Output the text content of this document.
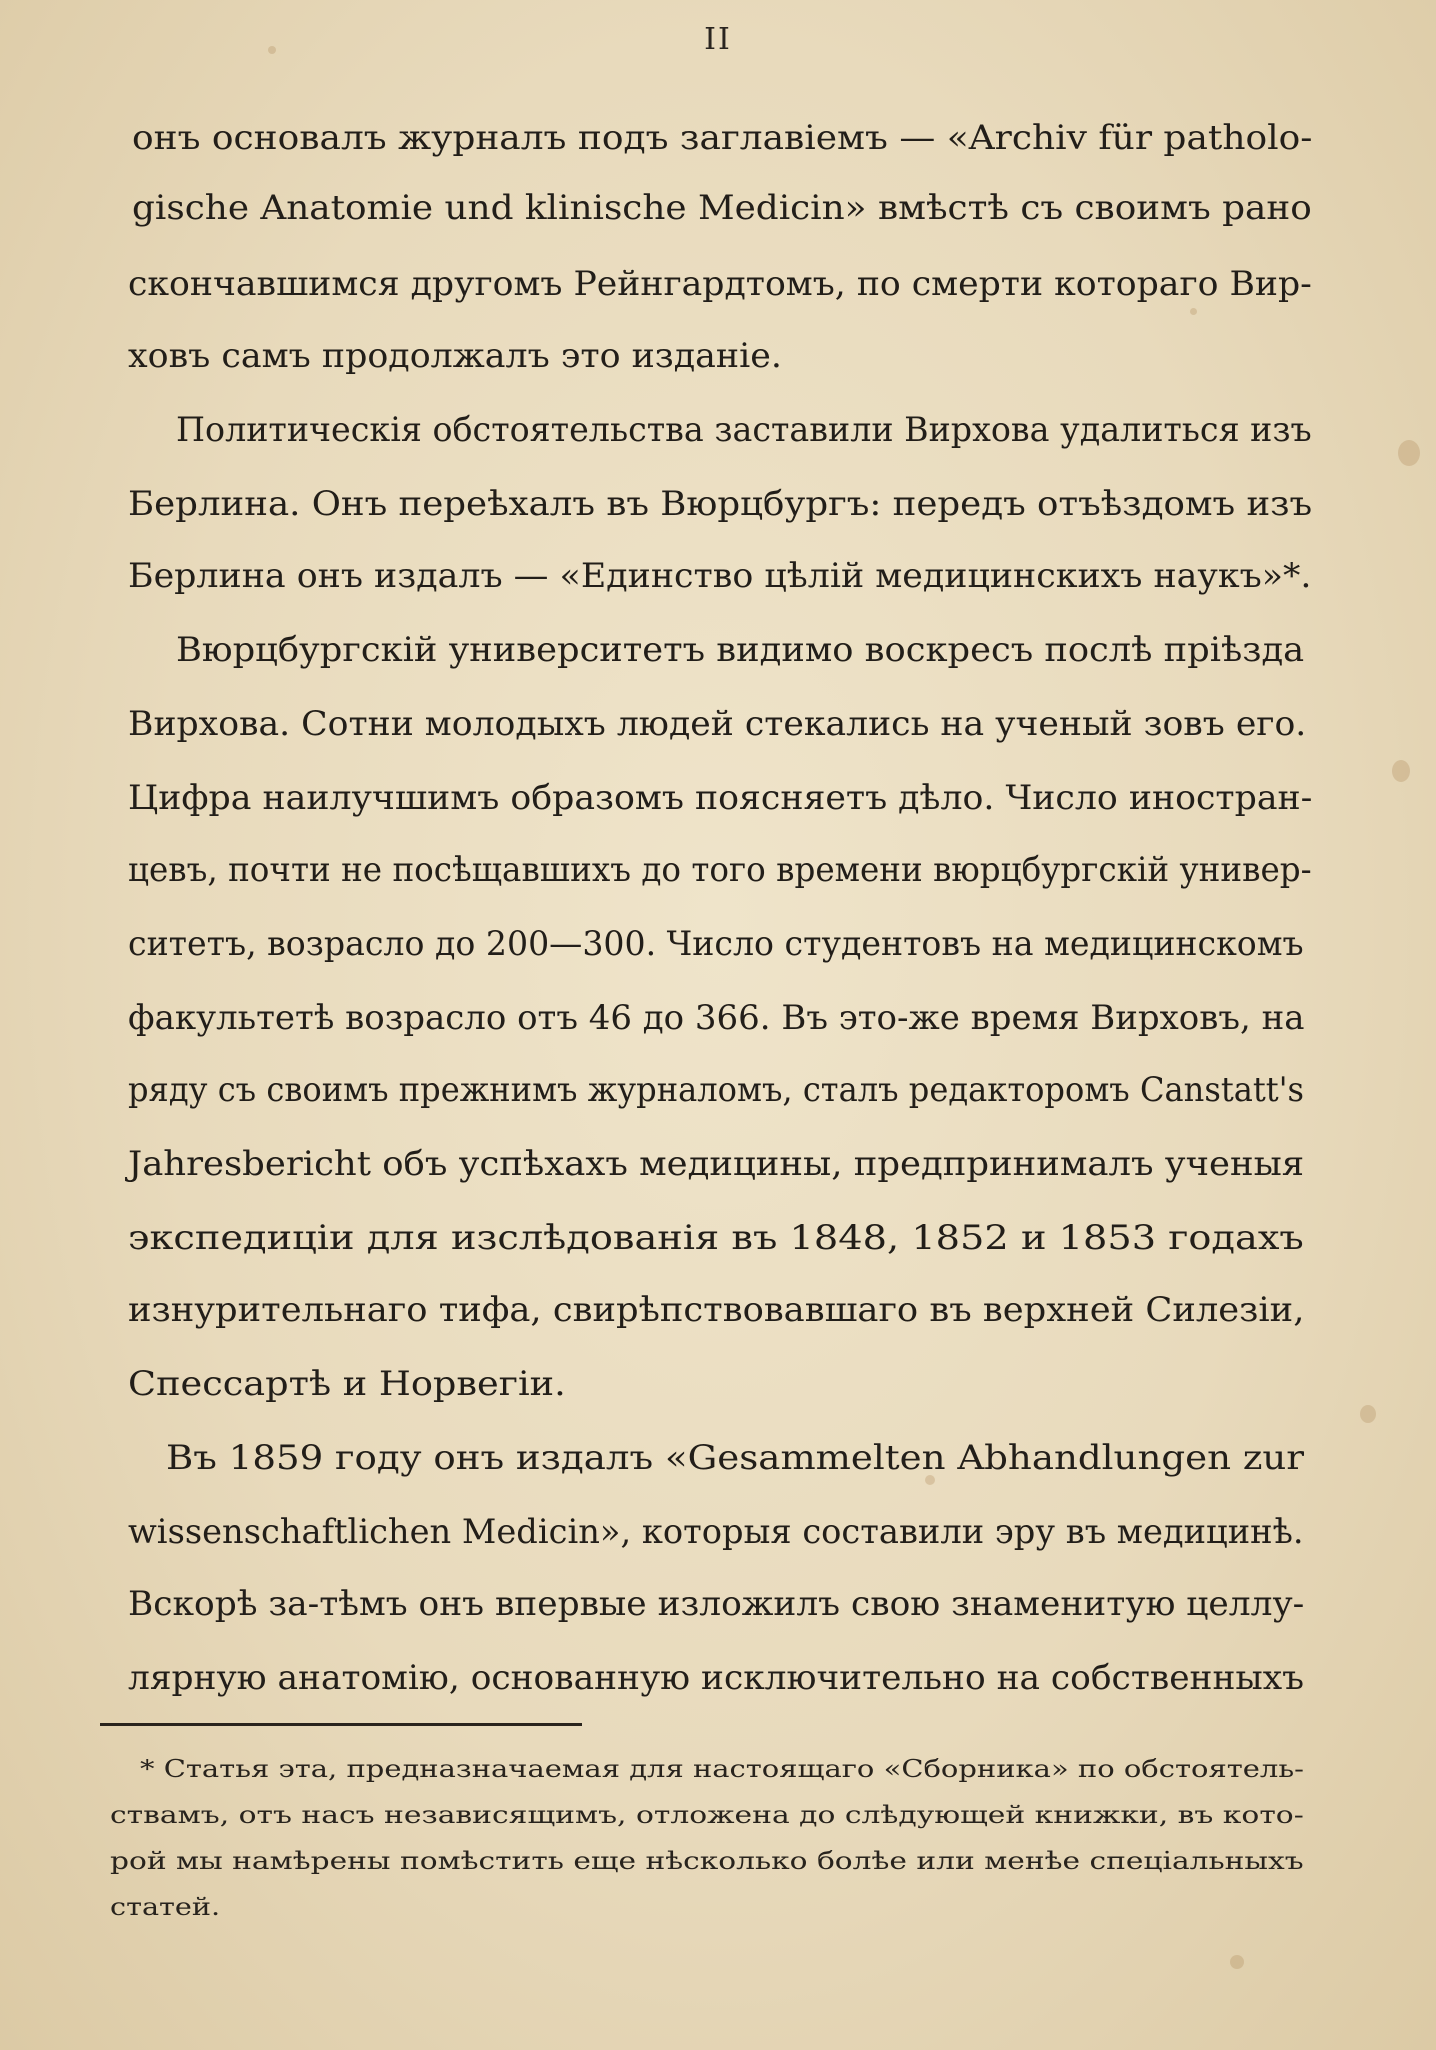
II
онъ основалъ журналъ подъ заглавіемъ — «Archiv für patholo-
gische Anatomie und klinische Medicin» вмѣстѣ съ своимъ рано
скончавшимся другомъ Рейнгардтомъ, по смерти котораго Вир-
ховъ самъ продолжалъ это изданіе.
Политическія обстоятельства заставили Вирхова удалиться изъ
Берлина. Онъ переѣхалъ въ Вюрцбургъ: передъ отъѣздомъ изъ
Берлина онъ издалъ — «Единство цѣлій медицинскихъ наукъ»*.
Вюрцбургскій университетъ видимо воскресъ послѣ пріѣзда
Вирхова. Сотни молодыхъ людей стекались на ученый зовъ его.
Цифра наилучшимъ образомъ поясняетъ дѣло. Число иностран-
цевъ, почти не посѣщавшихъ до того времени вюрцбургскій универ-
ситетъ, возрасло до 200—300. Число студентовъ на медицинскомъ
факультетѣ возрасло отъ 46 до 366. Въ это-же время Вирховъ, на
ряду съ своимъ прежнимъ журналомъ, сталъ редакторомъ Canstatt's
Jahresbericht объ успѣхахъ медицины, предпринималъ ученыя
экспедиціи для изслѣдованія въ 1848, 1852 и 1853 годахъ
изнурительнаго тифа, свирѣпствовавшаго въ верхней Силезіи,
Спессартѣ и Норвегіи.
Въ 1859 году онъ издалъ «Gesammelten Abhandlungen zur
wissenschaftlichen Medicin», которыя составили эру въ медицинѣ.
Вскорѣ за-тѣмъ онъ впервые изложилъ свою знаменитую целлу-
лярную анатомію, основанную исключительно на собственныхъ
* Статья эта, предназначаемая для настоящаго «Сборника» по обстоятель-
ствамъ, отъ насъ независящимъ, отложена до слѣдующей книжки, въ кото-
рой мы намѣрены помѣстить еще нѣсколько болѣе или менѣе спеціальныхъ
статей.
